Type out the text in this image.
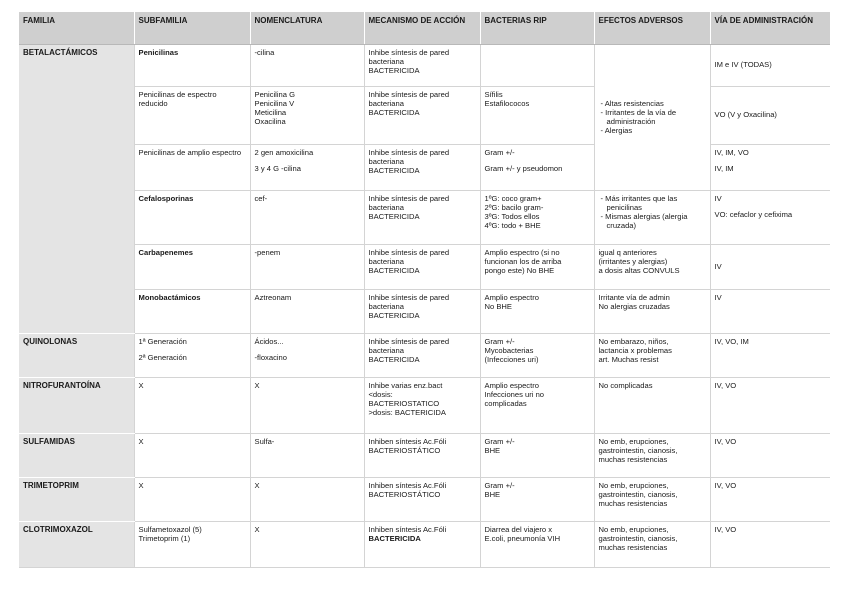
FAMILIA	SUBFAMILIA	NOMENCLATURA	MECANISMO DE ACCIÓN	BACTERIAS RIP	EFECTOS ADVERSOS	VÍA DE ADMINISTRACIÓN
BETALACTÁMICOS	Penicilinas	-cilina	Inhibe síntesis de pared
bacteriana
BACTERICIDA		- Altas resistencias
- Irritantes de la vía de administración
- Alergias	IM e IV (TODAS)
	Penicilinas de espectro reducido	Penicilina G
Penicilina V
Meticilina
Oxacilina	Inhibe síntesis de pared
bacteriana
BACTERICIDA	Sífilis
Estafilococos		VO (V y Oxacilina)
	Penicilinas de amplio espectro	2 gen amoxicilina
3 y 4 G -cilina	Inhibe síntesis de pared
bacteriana
BACTERICIDA	Gram +/-
Gram +/- y pseudomon		IV, IM, VO
IV, IM

	Cefalosporinas	cef-	Inhibe síntesis de pared
bacteriana
BACTERICIDA	1ºG: coco gram+
2ºG: bacilo gram-
3ºG: Todos ellos
4ºG: todo + BHE	- Más irritantes que las penicilinas
- Mismas alergias (alergia cruzada)	IV
VO: cefaclor y cefixima

	Carbapenemes	-penem	Inhibe síntesis de pared
bacteriana
BACTERICIDA	Amplio espectro (si no
funcionan los de arriba
pongo este) No BHE	igual q anteriores
(irritantes y alergias)
a dosis altas CONVULS	IV
	Monobactámicos	Aztreonam	Inhibe síntesis de pared
bacteriana
BACTERICIDA	Amplio espectro
No BHE	Irritante vía de admin
No alergias cruzadas	IV
QUINOLONAS	1ª Generación
2ª Generación	Ácidos...
-floxacino	Inhibe síntesis de pared
bacteriana
BACTERICIDA	Gram +/-
Mycobacterias
(Infecciones uri)	No embarazo, niños,
lactancia x problemas
art. Muchas resist	IV, VO, IM
NITROFURANTOÍNA	X	X	Inhibe varias enz.bact
<dosis:
BACTERIOSTATICO
>dosis: BACTERICIDA	Amplio espectro
Infecciones uri no
complicadas	No complicadas	IV, VO
SULFAMIDAS	X	Sulfa-	Inhiben síntesis Ac.Fóli
BACTERIOSTÁTICO	Gram +/-
BHE	No emb, erupciones,
gastrointestin, cianosis,
muchas resistencias	IV, VO
TRIMETOPRIM	X	X	Inhiben síntesis Ac.Fóli
BACTERIOSTÁTICO	Gram +/-
BHE	No emb, erupciones,
gastrointestin, cianosis,
muchas resistencias	IV, VO
CLOTRIMOXAZOL	Sulfametoxazol (5)
Trimetoprim (1)	X	Inhiben síntesis Ac.Fóli
BACTERICIDA	Diarrea del viajero x
E.coli, pneumonía VIH	No emb, erupciones,
gastrointestin, cianosis,
muchas resistencias	IV, VO
